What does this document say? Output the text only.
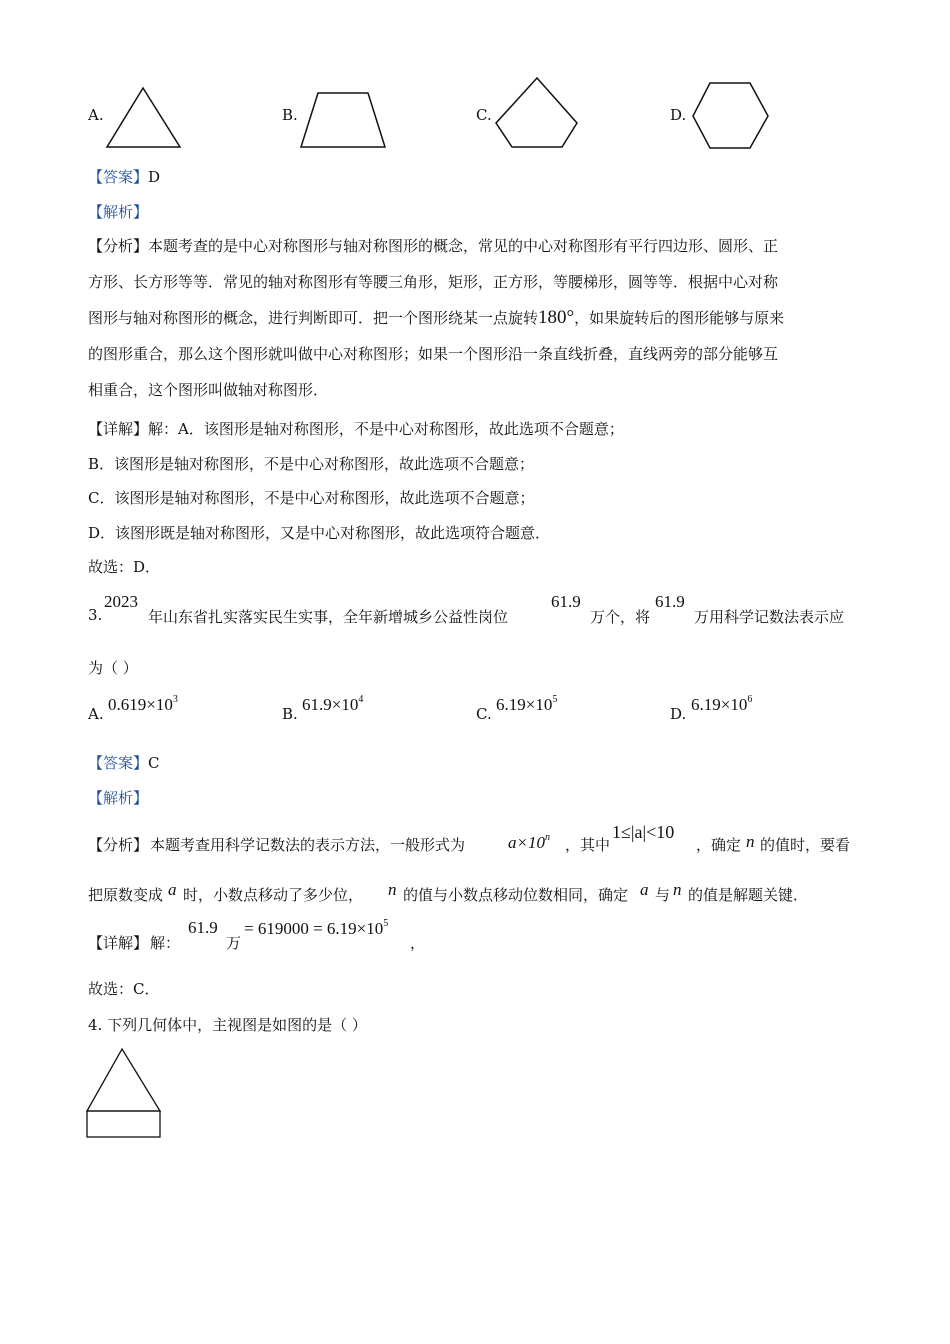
A.	B.	C.	D.
【答案】D
【解析】
【分析】本题考查的是中心对称图形与轴对称图形的概念，常见的中心对称图形有平行四边形、圆形、正
方形、长方形等等．常见的轴对称图形有等腰三角形，矩形，正方形，等腰梯形，圆等等．根据中心对称
图形与轴对称图形的概念，进行判断即可．把一个图形绕某一点旋转180°，如果旋转后的图形能够与原来
的图形重合，那么这个图形就叫做中心对称图形；如果一个图形沿一条直线折叠，直线两旁的部分能够互
相重合，这个图形叫做轴对称图形．
【详解】解：A．该图形是轴对称图形，不是中心对称图形，故此选项不合题意；
B．该图形是轴对称图形，不是中心对称图形，故此选项不合题意；
C．该图形是轴对称图形，不是中心对称图形，故此选项不合题意；
D．该图形既是轴对称图形，又是中心对称图形，故此选项符合题意．
故选：D．
3.
2023
年山东省扎实落实民生实事，全年新增城乡公益性岗位
61.9
万个，将
61.9
万用科学记数法表示应
为（ ）
A. $0.619\times 10^3$
B. $61.9\times 10^4$
C. $6.19\times 10^5$
D. $6.19\times 10^6$
【答案】C
【解析】
【分析】 本题考查用科学记数法的表示方法，一般形式为	$a\times 10^n$ ，其中
1≤|a|<10
，确定 n 的值时，要看
把原数变成 a 时，小数点移动了多少位， n 的值与小数点移动位数相同，确定 a 与 n 的值是解题关键．
【详解】 解：
61.9
万
= $619000 = 6.19\times 10^5$
，
故选：C．
4. 下列几何体中，主视图是如图的是（ ）
